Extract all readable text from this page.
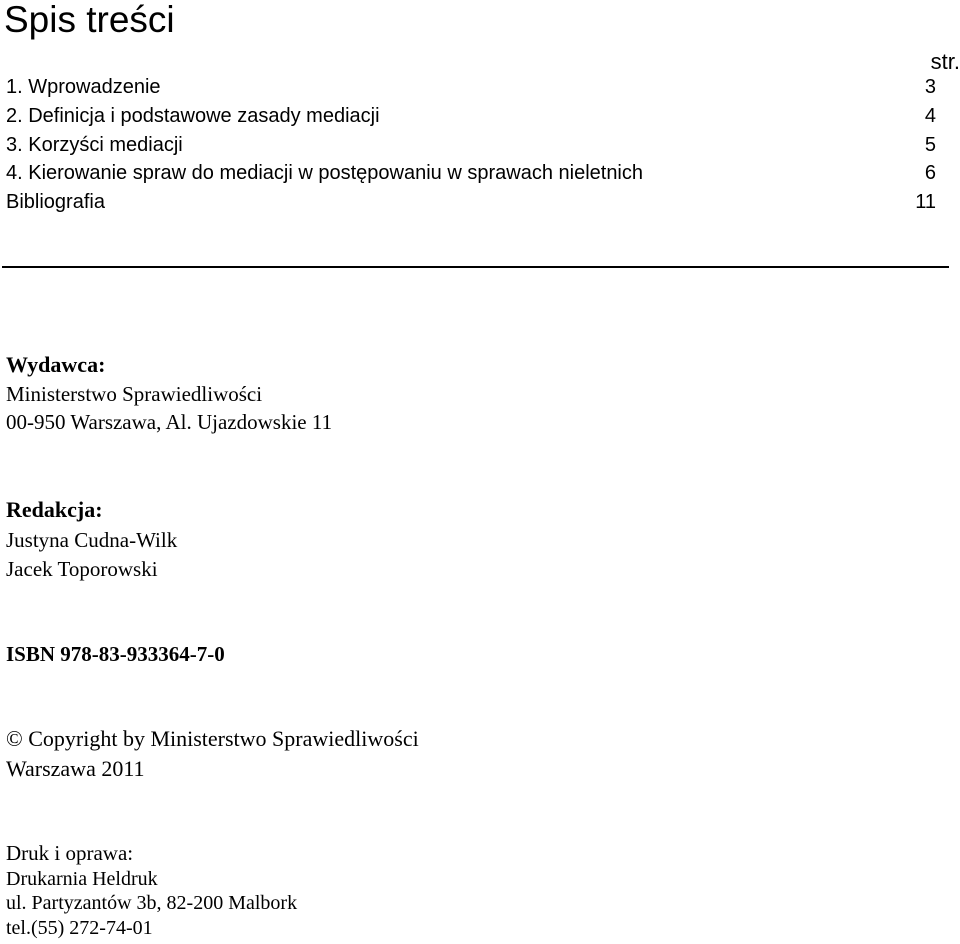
Spis treści
str.
1. Wprowadzenie	3
2. Definicja i podstawowe zasady mediacji	4
3. Korzyści mediacji	5
4. Kierowanie spraw do mediacji w postępowaniu w sprawach nieletnich	6
Bibliografia	11
Wydawca:
Ministerstwo Sprawiedliwości
00-950 Warszawa, Al. Ujazdowskie 11
Redakcja:
Justyna Cudna-Wilk
Jacek Toporowski
ISBN 978-83-933364-7-0
© Copyright by Ministerstwo Sprawiedliwości
Warszawa 2011
Druk i oprawa:
Drukarnia Heldruk
ul. Partyzantów 3b, 82-200 Malbork
tel.(55) 272-74-01
